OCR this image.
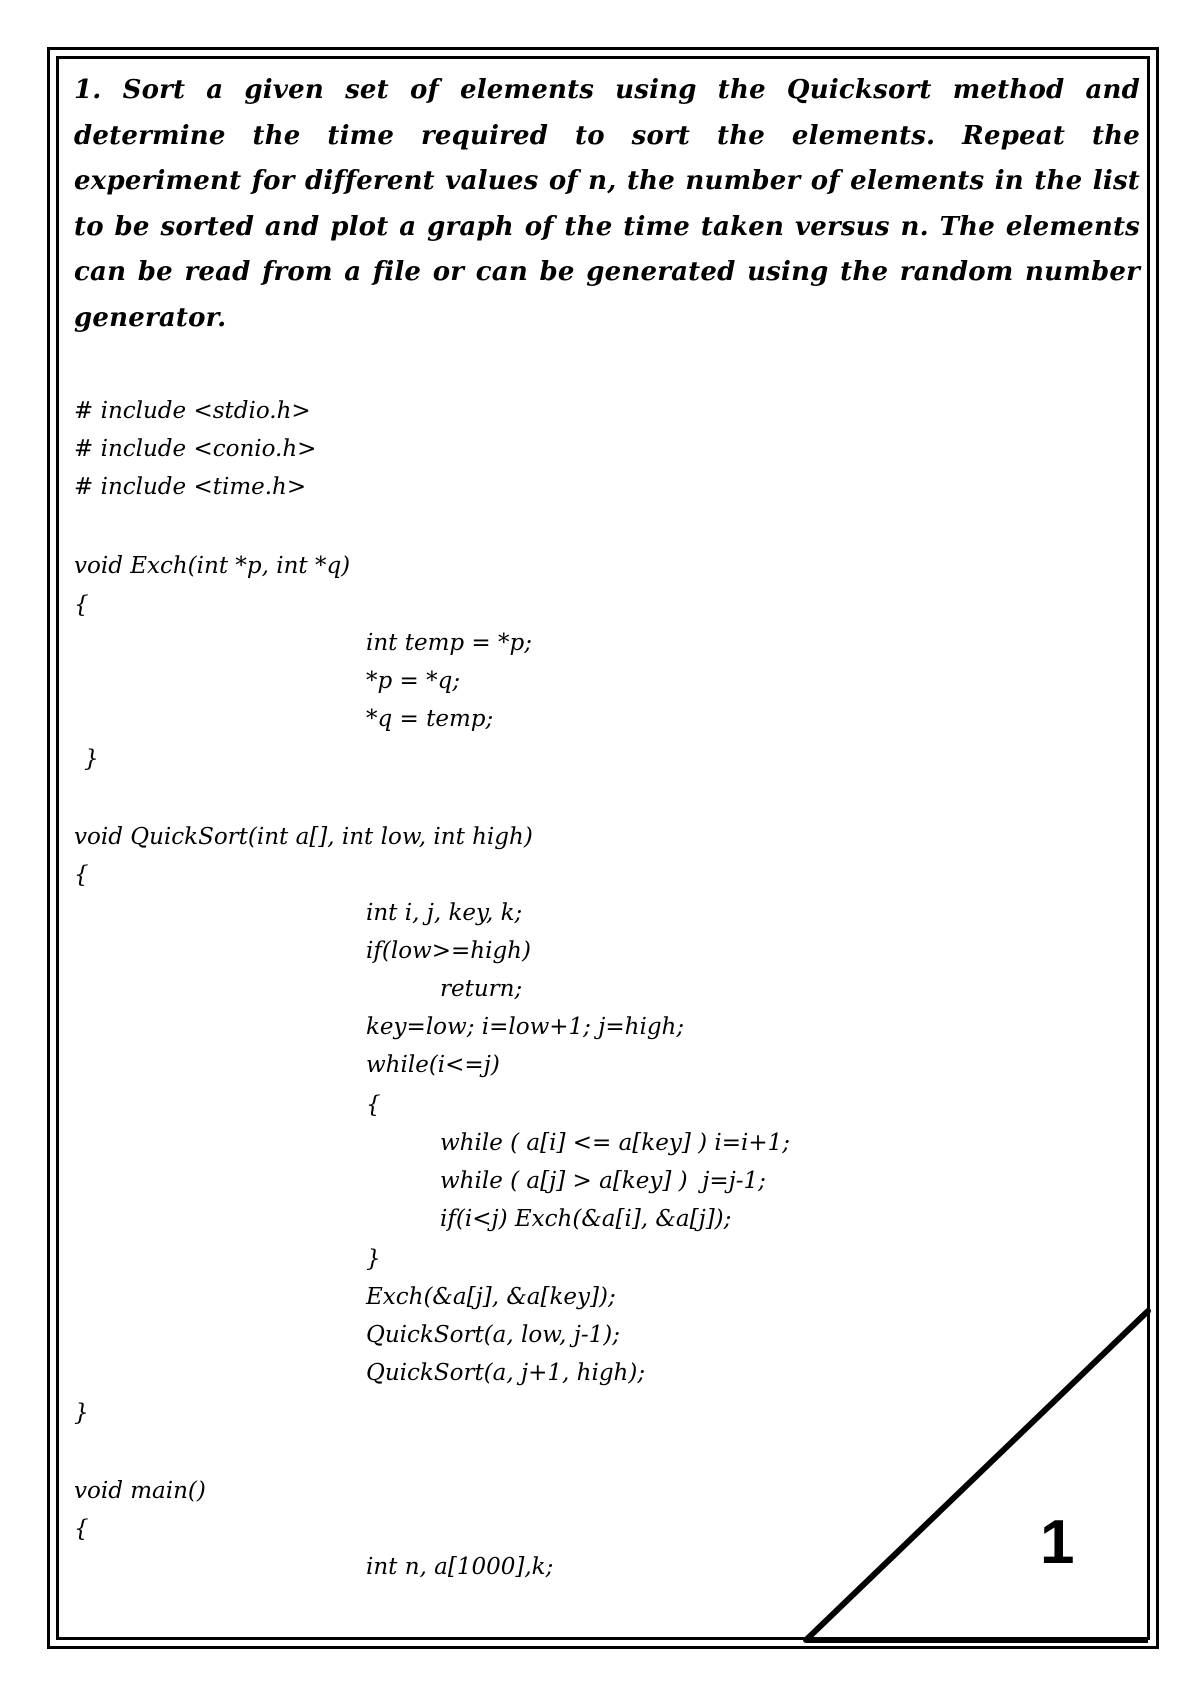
1. Sort a given set of elements using the Quicksort method and determine the time required to sort the elements. Repeat the experiment for different values of n, the number of elements in the list to be sorted and plot a graph of the time taken versus n. The elements can be read from a file or can be generated using the random number generator.
# include <stdio.h>
# include <conio.h>
# include <time.h>
void Exch(int *p, int *q)
{
int temp = *p;
*p = *q;
*q = temp;
}
void QuickSort(int a[], int low, int high)
{
int i, j, key, k;
if(low>=high)
return;
key=low; i=low+1; j=high;
while(i<=j)
{
while ( a[i] <= a[key] ) i=i+1;
while ( a[j] > a[key] )  j=j-1;
if(i<j) Exch(&a[i], &a[j]);
}
Exch(&a[j], &a[key]);
QuickSort(a, low, j-1);
QuickSort(a, j+1, high);
}
void main()
{
int n, a[1000],k;	1
